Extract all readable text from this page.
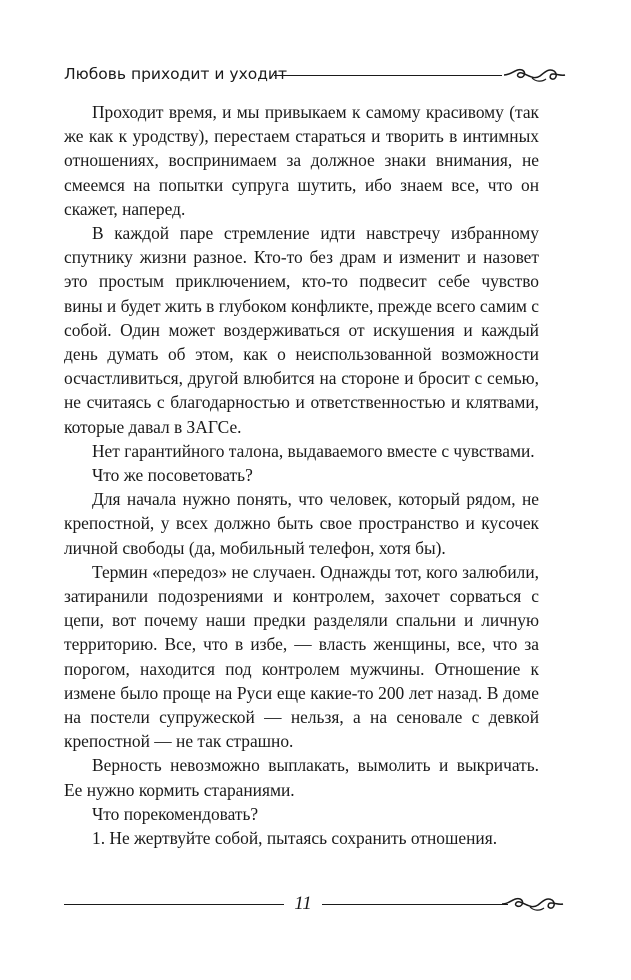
Любовь приходит и уходит

Проходит время, и мы привыкаем к самому красивому (так же как к уродству), перестаем стараться и творить в интимных отношениях, воспринимаем за должное знаки внимания, не смеемся на попытки супруга шутить, ибо знаем все, что он скажет, наперед.

В каждой паре стремление идти навстречу избранному спутнику жизни разное. Кто-то без драм и изменит и назовет это простым приключением, кто-то подвесит себе чувство вины и будет жить в глубоком конфликте, прежде всего самим с собой. Один может воздерживаться от искушения и каждый день думать об этом, как о неиспользованной возможности осчастливиться, другой влюбится на стороне и бросит с семью, не считаясь с благодарностью и ответственностью и клятвами, которые давал в ЗАГСе.

Нет гарантийного талона, выдаваемого вместе с чувствами.

Что же посоветовать?

Для начала нужно понять, что человек, который рядом, не крепостной, у всех должно быть свое пространство и кусочек личной свободы (да, мобильный телефон, хотя бы).

Термин «передоз» не случаен. Однажды тот, кого залюбили, затиранили подозрениями и контролем, захочет сорваться с цепи, вот почему наши предки разделяли спальни и личную территорию. Все, что в избе, — власть женщины, все, что за порогом, находится под контролем мужчины. Отношение к измене было проще на Руси еще какие-то 200 лет назад. В доме на постели супружеской — нельзя, а на сеновале с девкой крепостной — не так страшно.

Верность невозможно выплакать, вымолить и выкричать. Ее нужно кормить стараниями.

Что порекомендовать?

1. Не жертвуйте собой, пытаясь сохранить отношения.

11
